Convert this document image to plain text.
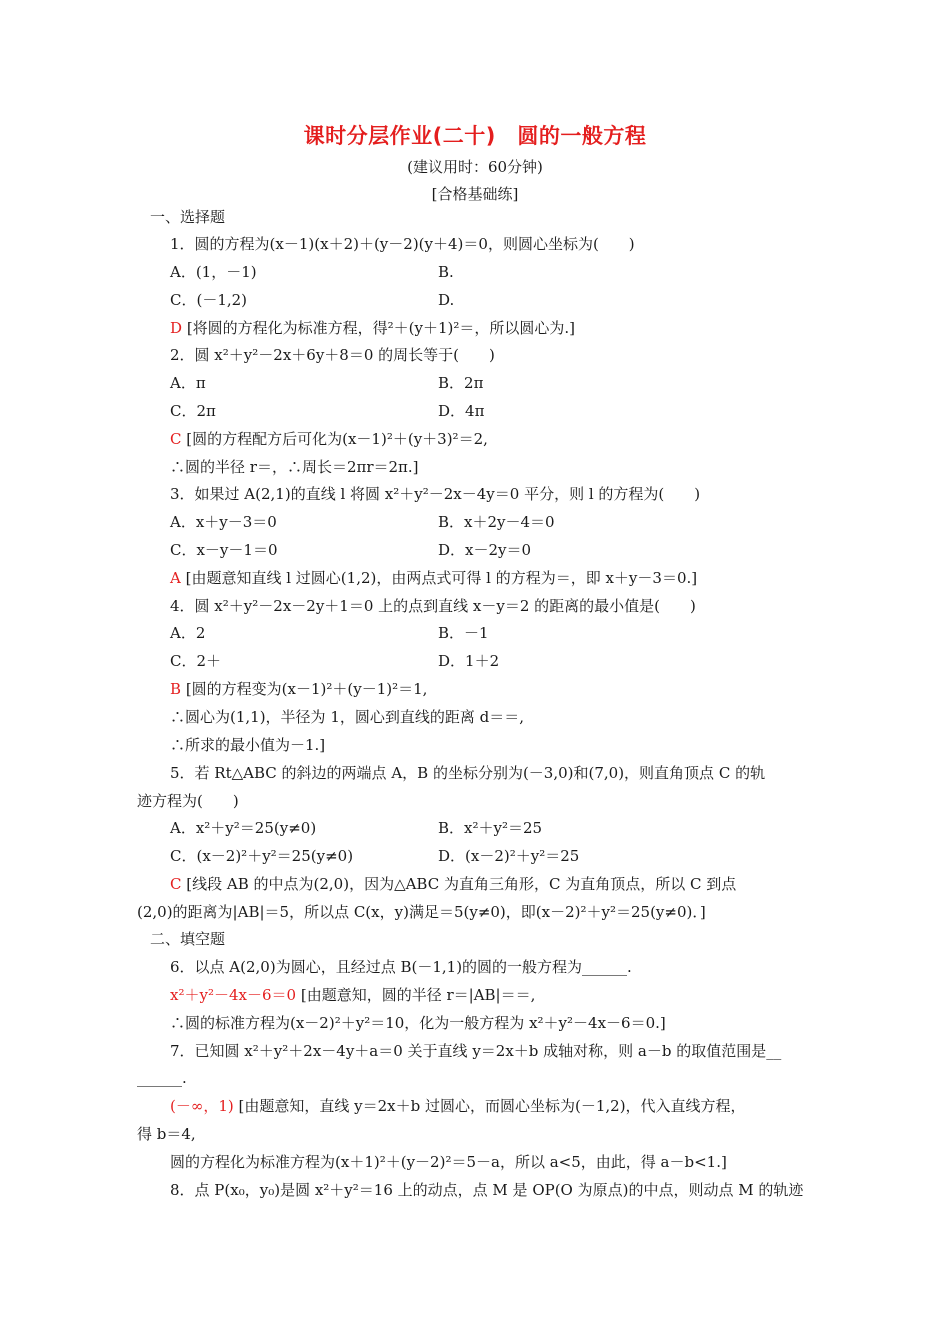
课时分层作业(二十)　圆的一般方程
(建议用时：60分钟)
[合格基础练]
一、选择题
1．圆的方程为(x－1)(x＋2)＋(y－2)(y＋4)＝0，则圆心坐标为(　　)
A．(1，－1)	B.
C．(－1,2)	D.
D [将圆的方程化为标准方程，得²＋(y＋1)²＝，所以圆心为.]
2．圆 x²＋y²－2x＋6y＋8＝0 的周长等于(　　)
A．π	B．2π
C．2π	D．4π
C [圆的方程配方后可化为(x－1)²＋(y＋3)²＝2,
∴圆的半径 r＝，∴周长＝2πr＝2π.]
3．如果过 A(2,1)的直线 l 将圆 x²＋y²－2x－4y＝0 平分，则 l 的方程为(　　)
A．x＋y－3＝0	B．x＋2y－4＝0
C．x－y－1＝0	D．x－2y＝0
A [由题意知直线 l 过圆心(1,2)，由两点式可得 l 的方程为＝，即 x＋y－3＝0.]
4．圆 x²＋y²－2x－2y＋1＝0 上的点到直线 x－y＝2 的距离的最小值是(　　)
A．2	B．－1
C．2＋	D．1＋2
B [圆的方程变为(x－1)²＋(y－1)²＝1,
∴圆心为(1,1)，半径为 1，圆心到直线的距离 d＝＝,
∴所求的最小值为－1.]
5．若 Rt△ABC 的斜边的两端点 A，B 的坐标分别为(－3,0)和(7,0)，则直角顶点 C 的轨
迹方程为(　　)
A．x²＋y²＝25(y≠0)	B．x²＋y²＝25
C．(x－2)²＋y²＝25(y≠0)	D．(x－2)²＋y²＝25
C [线段 AB 的中点为(2,0)，因为△ABC 为直角三角形，C 为直角顶点，所以 C 到点
(2,0)的距离为|AB|＝5，所以点 C(x，y)满足＝5(y≠0)，即(x－2)²＋y²＝25(y≠0)．]
二、填空题
6．以点 A(2,0)为圆心，且经过点 B(－1,1)的圆的一般方程为______.
x²＋y²－4x－6＝0 [由题意知，圆的半径 r＝|AB|＝＝,
∴圆的标准方程为(x－2)²＋y²＝10，化为一般方程为 x²＋y²－4x－6＝0.]
7．已知圆 x²＋y²＋2x－4y＋a＝0 关于直线 y＝2x＋b 成轴对称，则 a－b 的取值范围是__
______.
(－∞，1) [由题意知，直线 y＝2x＋b 过圆心，而圆心坐标为(－1,2)，代入直线方程，
得 b＝4,
圆的方程化为标准方程为(x＋1)²＋(y－2)²＝5－a，所以 a<5，由此，得 a－b<1.]
8．点 P(x₀，y₀)是圆 x²＋y²＝16 上的动点，点 M 是 OP(O 为原点)的中点，则动点 M 的轨迹
